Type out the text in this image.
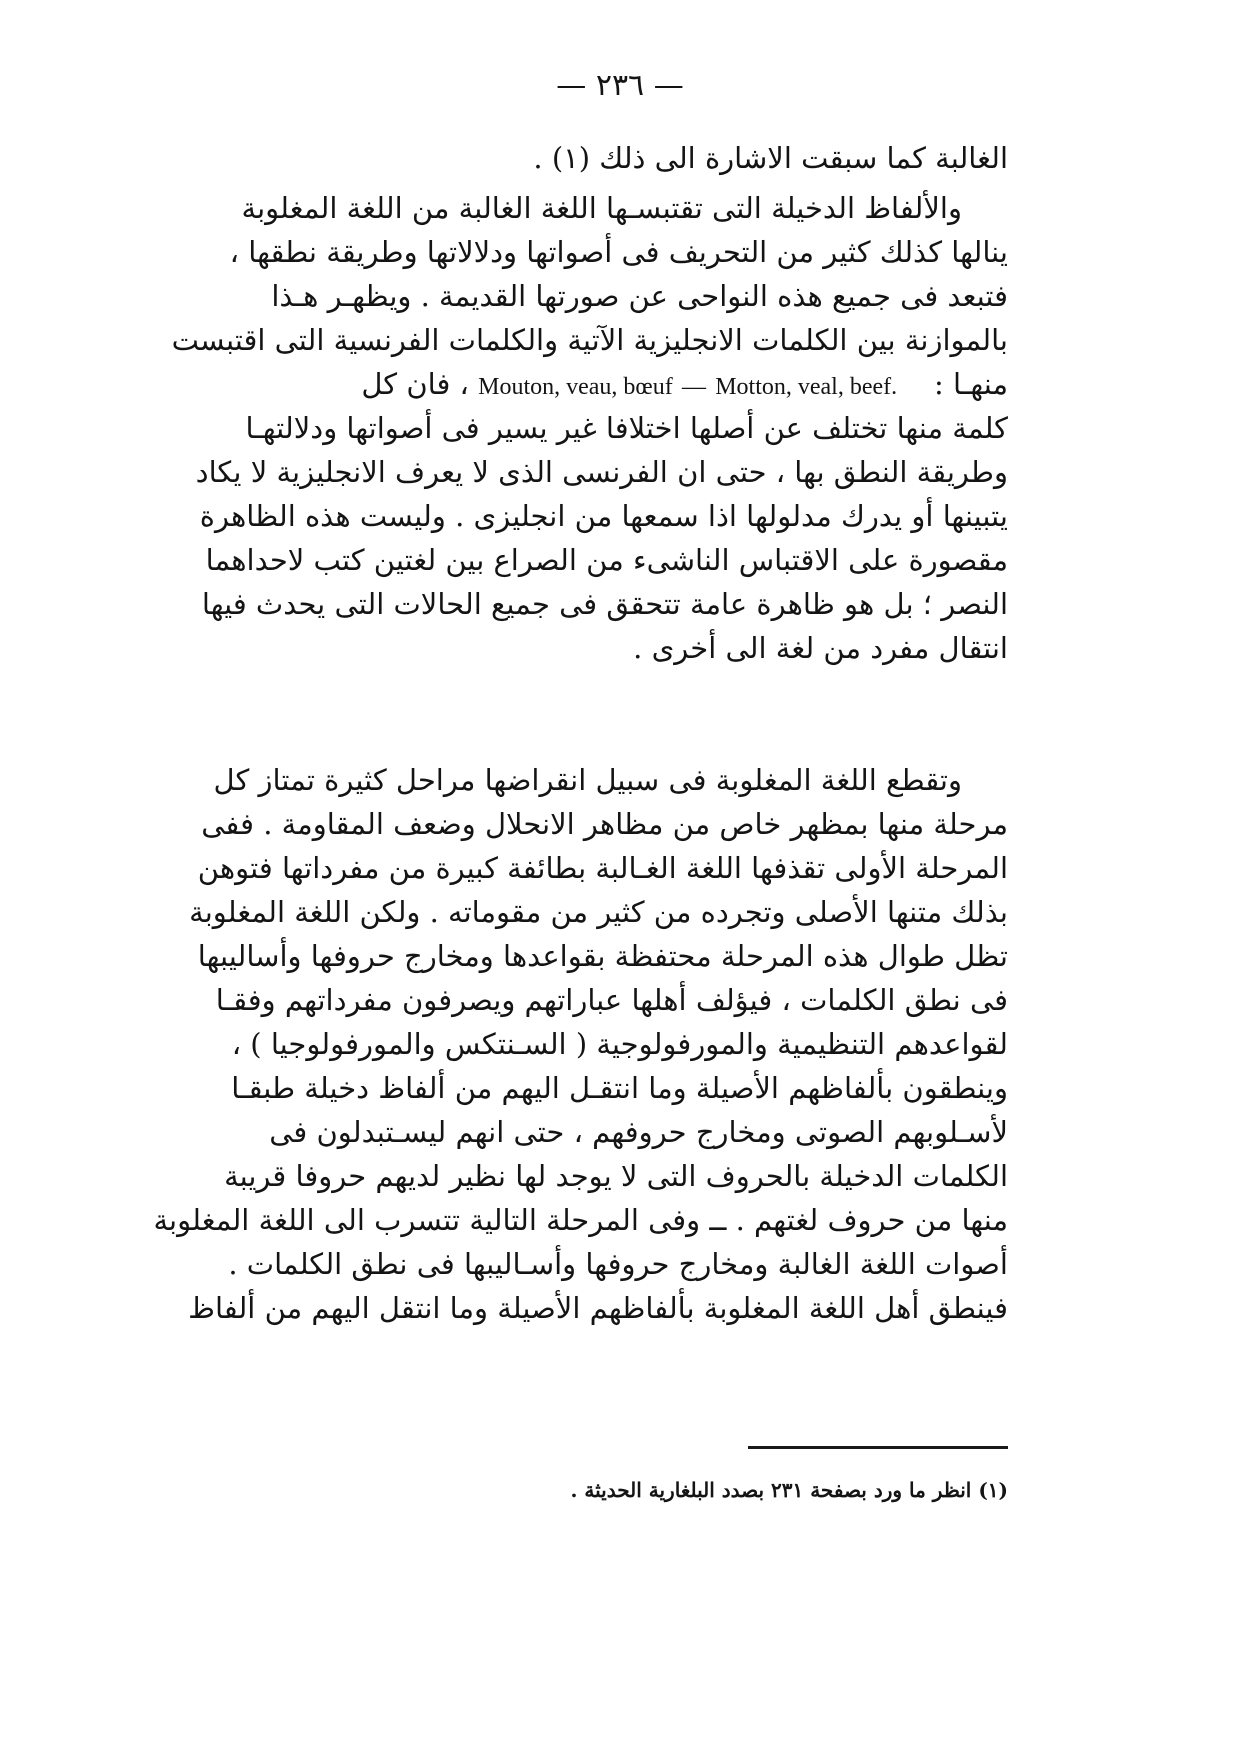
— ٢٣٦ —
الغالبة كما سبقت الاشارة الى ذلك (١) .
والألفاظ الدخيلة التى تقتبسـها اللغة الغالبة من اللغة المغلوبة
ينالها كذلك كثير من التحريف فى أصواتها ودلالاتها وطريقة نطقها ،
فتبعد فى جميع هذه النواحى عن صورتها القديمة . ويظهـر هـذا
بالموازنة بين الكلمات الانجليزية الآتية والكلمات الفرنسية التى اقتبست
منهـا :    Mouton, veau, bœuf — Motton, veal, beef. ، فان كل
كلمة منها تختلف عن أصلها اختلافا غير يسير فى أصواتها ودلالتهـا
وطريقة النطق بها ، حتى ان الفرنسى الذى لا يعرف الانجليزية لا يكاد
يتبينها أو يدرك مدلولها اذا سمعها من انجليزى . وليست هذه الظاهرة
مقصورة على الاقتباس الناشىء من الصراع بين لغتين كتب لاحداهما
النصر ؛ بل هو ظاهرة عامة تتحقق فى جميع الحالات التى يحدث فيها
انتقال مفرد من لغة الى أخرى .
وتقطع اللغة المغلوبة فى سبيل انقراضها مراحل كثيرة تمتاز كل
مرحلة منها بمظهر خاص من مظاهر الانحلال وضعف المقاومة . ففى
المرحلة الأولى تقذفها اللغة الغـالبة بطائفة كبيرة من مفرداتها فتوهن
بذلك متنها الأصلى وتجرده من كثير من مقوماته . ولكن اللغة المغلوبة
تظل طوال هذه المرحلة محتفظة بقواعدها ومخارج حروفها وأساليبها
فى نطق الكلمات ، فيؤلف أهلها عباراتهم ويصرفون مفرداتهم وفقـا
لقواعدهم التنظيمية والمورفولوجية ( السـنتكس والمورفولوجيا ) ،
وينطقون بألفاظهم الأصيلة وما انتقـل اليهم من ألفاظ دخيلة طبقـا
لأسـلوبهم الصوتى ومخارج حروفهم ، حتى انهم ليسـتبدلون فى
الكلمات الدخيلة بالحروف التى لا يوجد لها نظير لديهم حروفا قريبة
منها من حروف لغتهم . ــ وفى المرحلة التالية تتسرب الى اللغة المغلوبة
أصوات اللغة الغالبة ومخارج حروفها وأسـاليبها فى نطق الكلمات .
فينطق أهل اللغة المغلوبة بألفاظهم الأصيلة وما انتقل اليهم من ألفاظ
(١) انظر ما ورد بصفحة ٢٣١ بصدد البلغارية الحديثة .
